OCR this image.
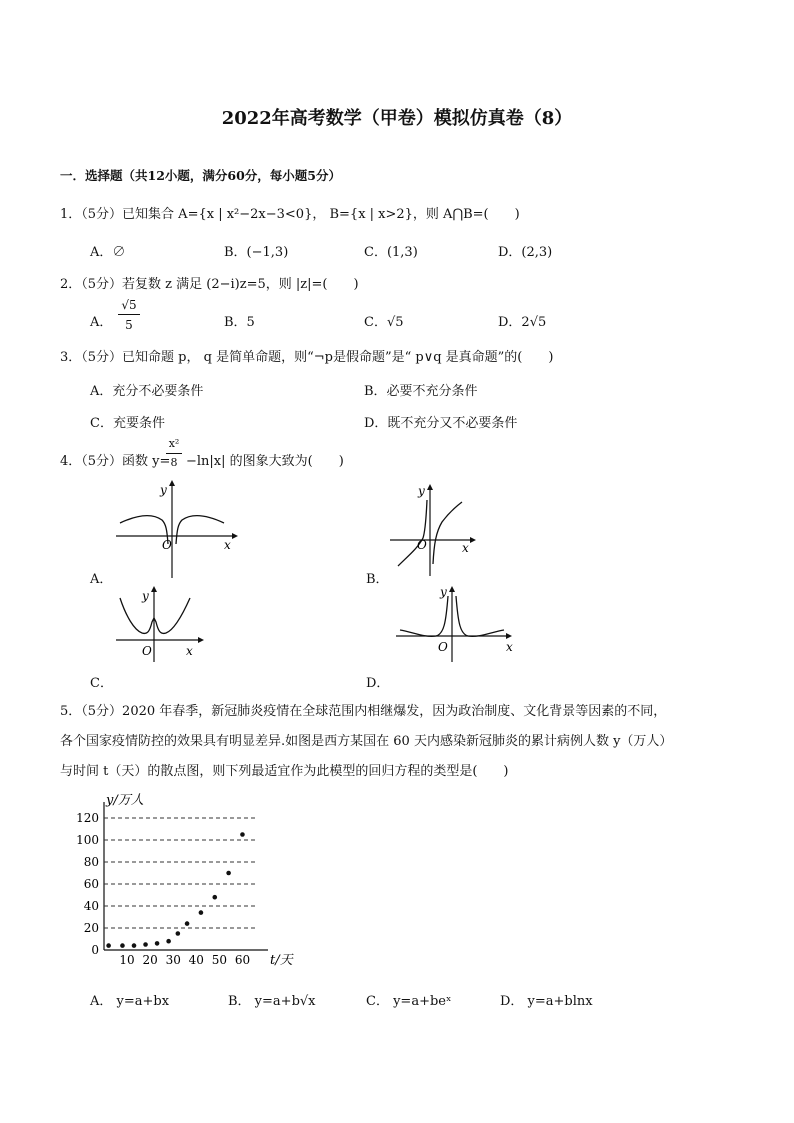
2022年高考数学（甲卷）模拟仿真卷（8）
一．选择题（共12小题，满分60分，每小题5分）
1．（5分）已知集合 A={x | x²−2x−3<0}， B={x | x>2}，则 A⋂B=(　　)
A．∅	B．(−1,3)	C．(1,3)	D．(2,3)
2．（5分）若复数 z 满足 (2−i)z=5，则 |z|=(　　)
A．
√5
5	B．5	C．√5	D．2√5
3．（5分）已知命题 p， q 是简单命题，则“¬p是假命题”是“ p∨q 是真命题”的(　　)
A．充分不必要条件	B．必要不充分条件
C．充要条件	D．既不充分又不必要条件
4．（5分）函数 y=
x²
8 −ln|x| 的图象大致为(　　)
y
x
O
A．
y
x
O
B．
y
x
O
C．
y
x
O
D．
5．（5分）2020 年春季，新冠肺炎疫情在全球范围内相继爆发，因为政治制度、文化背景等因素的不同，
各个国家疫情防控的效果具有明显差异.如图是西方某国在 60 天内感染新冠肺炎的累计病例人数 y（万人）
与时间 t（天）的散点图，则下列最适宜作为此模型的回归方程的类型是(　　)
0
20
40
60
80
100
120
10 20 30 40 50 60
y/万人
t/天
A． y=a+bx	B． y=a+b√x	C． y=a+beˣ	D． y=a+blnx
